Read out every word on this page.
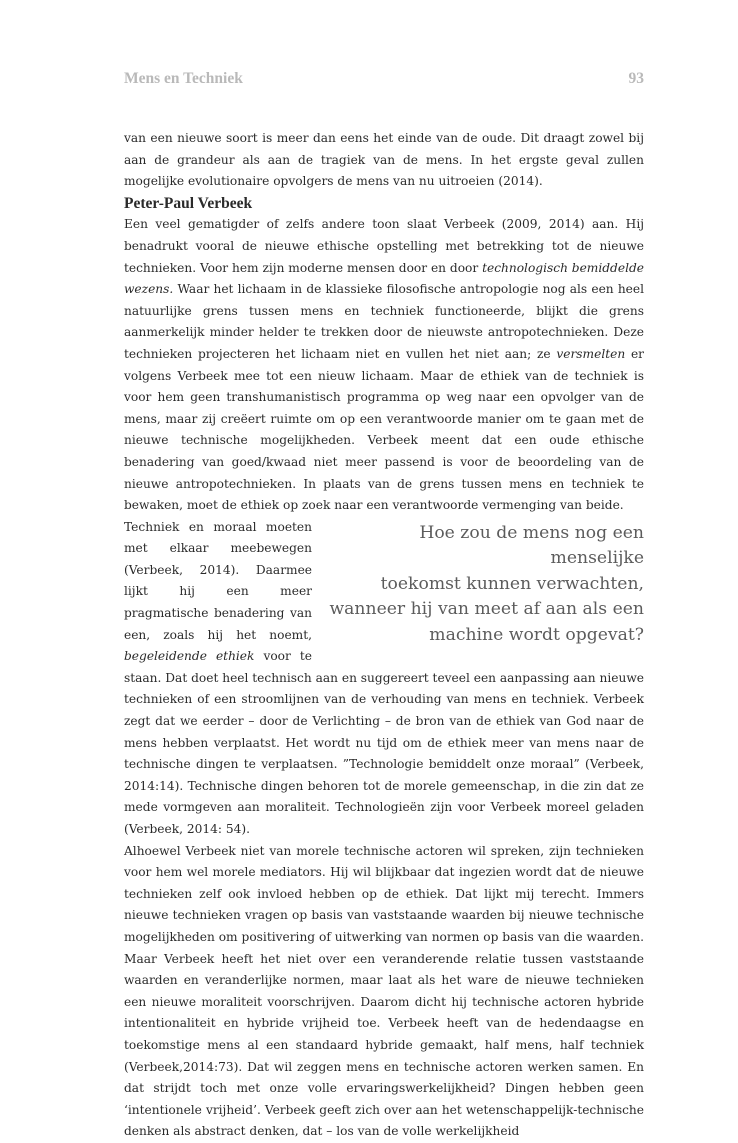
Mens en Techniek	93

van een nieuwe soort is meer dan eens het einde van de oude. Dit draagt zowel bij aan de grandeur als aan de tragiek van de mens. In het ergste geval zullen mogelijke evolutionaire opvolgers de mens van nu uitroeien (2014).

Peter-Paul Verbeek

Een veel gematigder of zelfs andere toon slaat Verbeek (2009, 2014) aan. Hij benadrukt vooral de nieuwe ethische opstelling met betrekking tot de nieuwe technieken. Voor hem zijn moderne mensen door en door technologisch bemiddelde wezens. Waar het lichaam in de klassieke filosofische antropologie nog als een heel natuurlijke grens tussen mens en techniek functioneerde, blijkt die grens aanmerkelijk minder helder te trekken door de nieuwste antropotechnieken. Deze technieken projecteren het lichaam niet en vullen het niet aan; ze versmelten er volgens Verbeek mee tot een nieuw lichaam. Maar de ethiek van de techniek is voor hem geen transhumanistisch programma op weg naar een opvolger van de mens, maar zij creëert ruimte om op een verantwoorde manier om te gaan met de nieuwe technische mogelijkheden. Verbeek meent dat een oude ethische benadering van goed/kwaad niet meer passend is voor de beoordeling van de nieuwe antropotechnieken. In plaats van de grens tussen mens en techniek te bewaken, moet de ethiek op zoek naar een verantwoorde vermenging van beide.

Hoe zou de mens nog een menselijke
toekomst kunnen verwachten,
wanneer hij van meet af aan als een
machine wordt opgevat?

Techniek en moraal moeten met elkaar meebewegen (Verbeek, 2014). Daarmee lijkt hij een meer pragmatische benadering van een, zoals hij het noemt, begeleidende ethiek voor te staan. Dat doet heel technisch aan en suggereert teveel een aanpassing aan nieuwe technieken of een stroomlijnen van de verhouding van mens en techniek. Verbeek zegt dat we eerder – door de Verlichting – de bron van de ethiek van God naar de mens hebben verplaatst. Het wordt nu tijd om de ethiek meer van mens naar de technische dingen te verplaatsen. ”Technologie bemiddelt onze moraal” (Verbeek, 2014:14). Technische dingen behoren tot de morele gemeenschap, in die zin dat ze mede vormgeven aan moraliteit. Technologieën zijn voor Verbeek moreel geladen (Verbeek, 2014: 54).

Alhoewel Verbeek niet van morele technische actoren wil spreken, zijn technieken voor hem wel morele mediators. Hij wil blijkbaar dat ingezien wordt dat de nieuwe technieken zelf ook invloed hebben op de ethiek. Dat lijkt mij terecht. Immers nieuwe technieken vragen op basis van vaststaande waarden bij nieuwe technische mogelijkheden om positivering of uitwerking van normen op basis van die waarden. Maar Verbeek heeft het niet over een veranderende relatie tussen vaststaande waarden en veranderlijke normen, maar laat als het ware de nieuwe technieken een nieuwe moraliteit voorschrijven. Daarom dicht hij technische actoren hybride intentionaliteit en hybride vrijheid toe. Verbeek heeft van de hedendaagse en toekomstige mens al een standaard hybride gemaakt, half mens, half techniek (Verbeek,2014:73). Dat wil zeggen mens en technische actoren werken samen. En dat strijdt toch met onze volle ervaringswerkelijkheid? Dingen hebben geen ‘intentionele vrijheid’. Verbeek geeft zich over aan het wetenschappelijk-technische denken als abstract denken, dat – los van de volle werkelijkheid
